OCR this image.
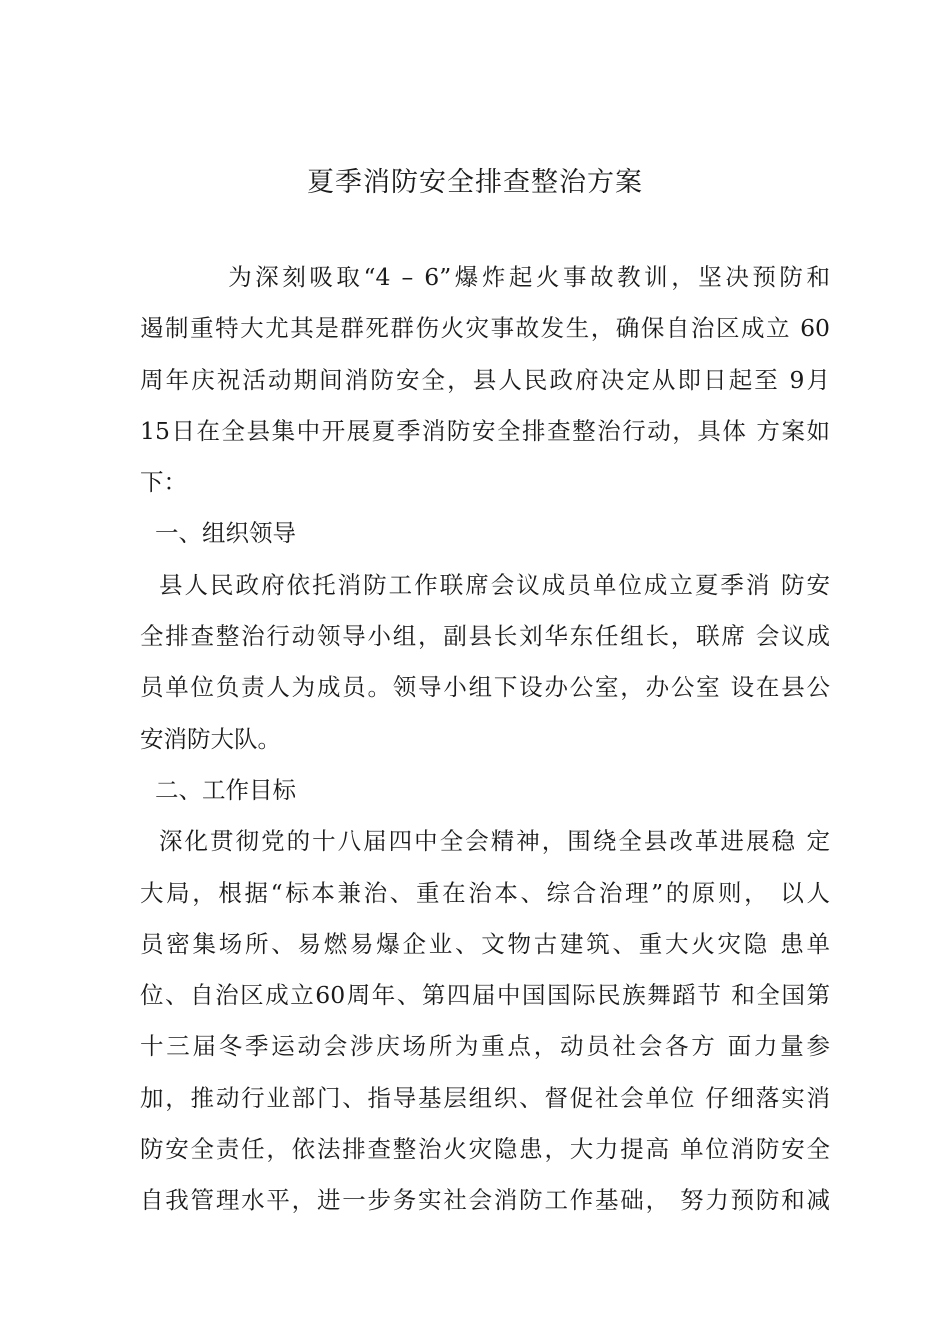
夏季消防安全排查整治方案
为深刻吸取“4 – 6”爆炸起火事故教训，坚决预防和
遏制重特大尤其是群死群伤火灾事故发生，确保自治区成立 60
周年庆祝活动期间消防安全，县人民政府决定从即日起至 9月
15日在全县集中开展夏季消防安全排查整治行动，具体 方案如
下：
一、组织领导
县人民政府依托消防工作联席会议成员单位成立夏季消 防安
全排查整治行动领导小组，副县长刘华东任组长，联席 会议成
员单位负责人为成员。领导小组下设办公室，办公室 设在县公
安消防大队。
二、工作目标
深化贯彻党的十八届四中全会精神，围绕全县改革进展稳 定
大局，根据“标本兼治、重在治本、综合治理”的原则， 以人
员密集场所、易燃易爆企业、文物古建筑、重大火灾隐 患单
位、自治区成立60周年、第四届中国国际民族舞蹈节 和全国第
十三届冬季运动会涉庆场所为重点，动员社会各方 面力量参
加，推动行业部门、指导基层组织、督促社会单位 仔细落实消
防安全责任，依法排查整治火灾隐患，大力提高 单位消防安全
自我管理水平，进一步务实社会消防工作基础， 努力预防和减
